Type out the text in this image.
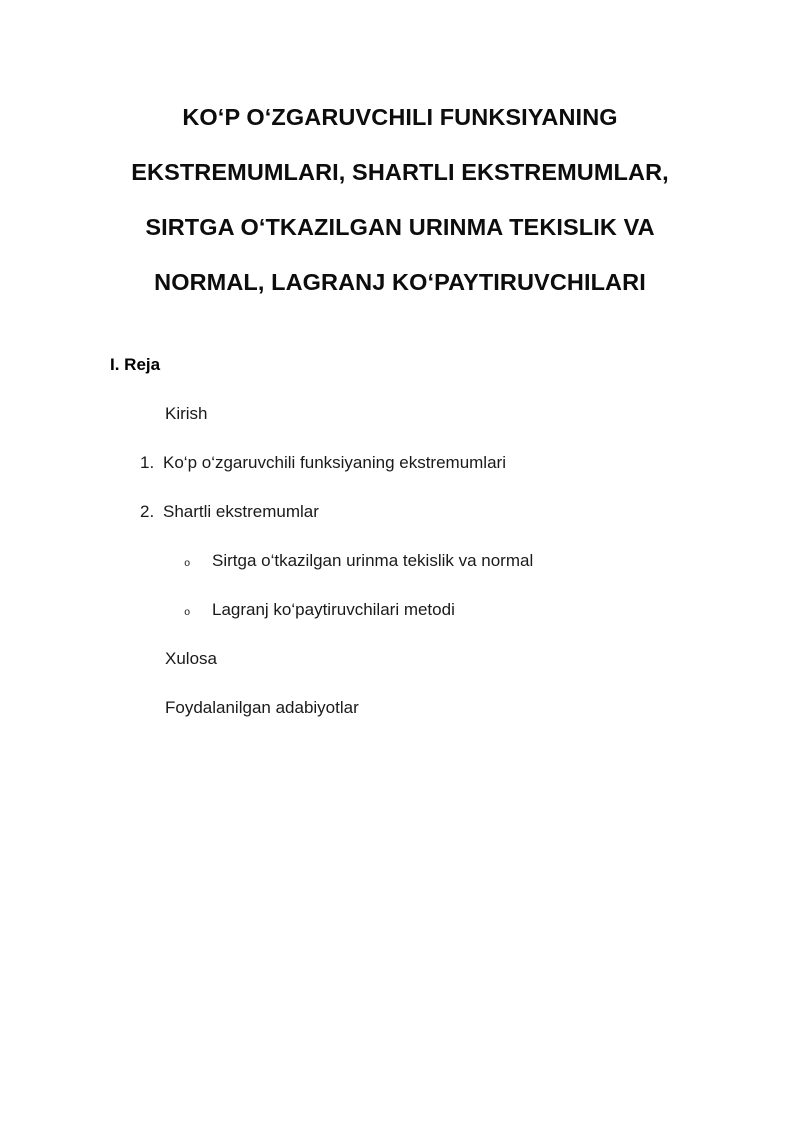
KO‘P O‘ZGARUVCHILI FUNKSIYANING
EKSTREMUMLARI, SHARTLI EKSTREMUMLAR,
SIRTGA O‘TKAZILGAN URINMA TEKISLIK VA
NORMAL, LAGRANJ KO‘PAYTIRUVCHILARI
I. Reja
Kirish
1. Ko‘p o‘zgaruvchili funksiyaning ekstremumlari
2. Shartli ekstremumlar
o Sirtga o‘tkazilgan urinma tekislik va normal
o Lagranj ko‘paytiruvchilari metodi
Xulosa
Foydalanilgan adabiyotlar
